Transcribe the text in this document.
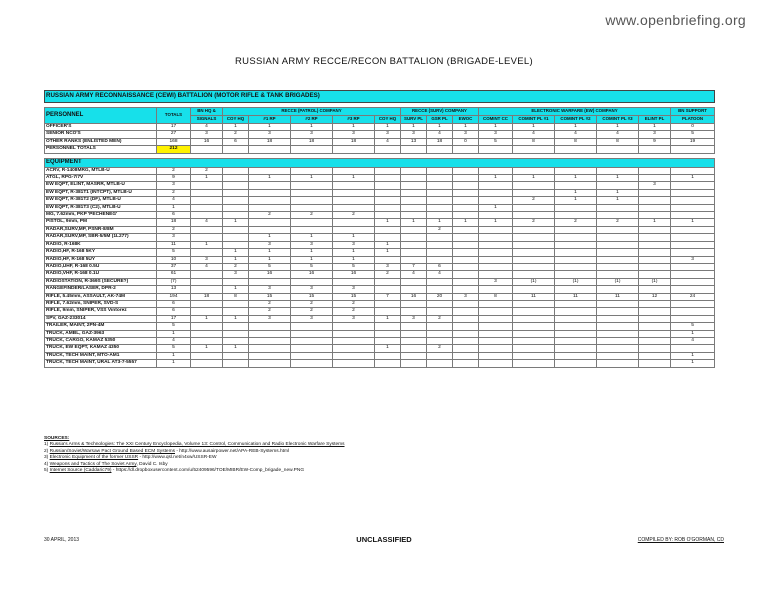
www.openbriefing.org
RUSSIAN ARMY RECCE/RECON BATTALION (BRIGADE-LEVEL)
RUSSIAN ARMY RECONNAISSANCE (CEWI) BATTALION (MOTOR RIFLE & TANK BRIGADES)																

PERSONNEL	TOTALS	BN HQ &	RECCE (PATROL) COMPANY					RECCE (SURV) COMPANY			ELECTRONIC WARFARE (EW) COMPANY					BN SUPPORT
		SIGNALS	COY HQ	#1 RP	#2 RP	#3 RP	COY HQ	SURV PL	GSR PL	EWOC	COMINT CC	COMINT PL #1	COMINT PL #2	COMINT PL #3	ELINT PL	PLATOON
OFFICER'S	17	4	1	1	1	1	1	1	1	1	1	1	1	1	1	0
SENIOR NCO'S	27	3	2	3	3	3	3	3	4	3	3	4	4	4	3	5
OTHER RANKS (ENLISTED MEN)	168	16	6	18	18	18	4	13	18	0	5	8	8	8	9	19
PERSONNEL TOTALS	212															

EQUIPMENT																
ACRV, R-1408MRG, MTLB-U	2	2														
ATGL, RPG-7/7V	9	1		1	1	1					1	1	1	1		1
EW EQPT, ELINT, MASRR, MTLB-U	3														3	
EW EQPT, R-381T1 (INTCPT), MTLB-U	2												1	1		
EW EQPT, R-381T2 (DF), MTLB-U	4											2	1	1		
EW EQPT, R-381T3 (C2), MTLB-U	1										1					
MG, 7.62mm, PKP 'PECHENEG'	6			2	2	2										
PISTOL, 9mm, PM	18	4	1				1	1	1	1	1	2	2	2	1	1
RADAR,SURV,MP, PSNR-8/8M	2								2							
RADAR,SURV,MP, SBR-5/5M (1L277)	3			1	1	1										
RADIO, R-168K	11	1		3	3	3	1									
RADIO,HF, R-168 5KY	5		1	1	1	1	1									
RADIO,HF, R-168 5UY	10	3	1	1	1	1										3
RADIO,UHF, R-168 0.5U	37	4	2	5	5	5	3	7	6							
RADIO,VHF, R-168 0.1U	61		3	16	16	16	2	4	4							
RADIOSTATION, R-369S (SECURE?)	(7)										3	(1)	(1)	(1)	(1)	
RANGEFINDER/LASER, DPR-2	13		1	3	3	3										
RIFLE, 5.45mm, ASSAULT, AK-74M	194	18	8	15	15	15	7	16	20	3	8	11	11	11	12	24
RIFLE, 7.62mm, SNIPER, SVD-S	6			2	2	2										
RIFLE, 9mm, SNIPER, VSS Vintorez	6			2	2	2										
SPV, GAZ-233014	17	1	1	3	3	3	1	3	2							
TRAILER, MAINT, 2PN-4M	5															5
TRUCK, AMBL, GAZ-3963	1															1
TRUCK, CARGO, KAMAZ 5350	4															4
TRUCK, EW EQPT, KAMAZ 4350	5	1	1				1		2							
TRUCK, TECH MAINT, MTO-AM1	1															1
TRUCK, TECH MAINT, URAL AT3-7-5557	1															1
SOURCES:
1) Russia's Arms & Technologies: The XXI Century Encyclopedia, Volume 13: Control, Communication and Radio Electronic Warfare Systems
2) Russian/Soviet/Warsaw Pact Ground Based ECM Systems - http://www.ausairpower.net/APA-REB-Systems.html
3) Electronic Equipment of the former USSR - http://www.qsl.net/n4xw/USSR-EW
4) Weapons and Tactics of The Soviet Army, David C. Isby
5) Internet Source (Caddaric79) - https://dl.dropboxusercontent.com/u/52409596/TOE/MIBR/EW-Comp_brigade_new.PNG
30 APRIL, 2013	UNCLASSIFIED	COMPILED BY: ROB O'GORMAN, CD
